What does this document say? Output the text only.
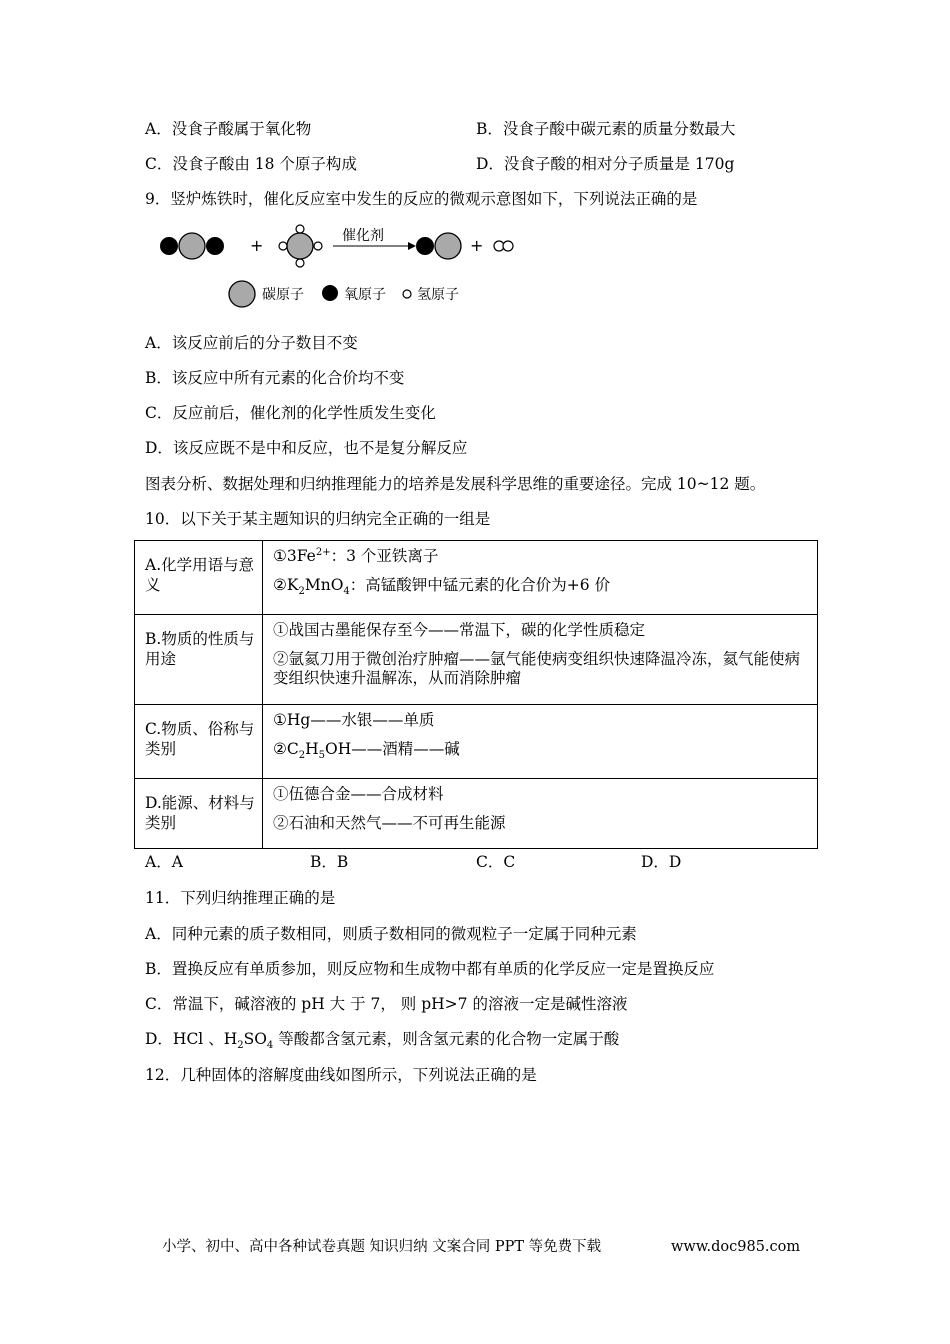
A．没食子酸属于氧化物	B．没食子酸中碳元素的质量分数最大
C．没食子酸由 18 个原子构成	D．没食子酸的相对分子质量是 170g
9．竖炉炼铁时，催化反应室中发生的反应的微观示意图如下，下列说法正确的是
+	催化剂	+
碳原子	氧原子 氢原子
A．该反应前后的分子数目不变
B．该反应中所有元素的化合价均不变
C．反应前后，催化剂的化学性质发生变化
D．该反应既不是中和反应，也不是复分解反应
图表分析、数据处理和归纳推理能力的培养是发展科学思维的重要途径。完成 10~12 题。
10．以下关于某主题知识的归纳完全正确的一组是
A.化学用语与意义	$①3Fe^{2+}$：3 个亚铁离子
$②K_2MnO_4$：高锰酸钾中锰元素的化合价为+6 价

B.物质的性质与用途	①战国古墨能保存至今——常温下，碳的化学性质稳定
②氩氦刀用于微创治疗肿瘤——氩气能使病变组织快速降温冷冻，氦气能使病变组织快速升温解冻，从而消除肿瘤

C.物质、俗称与类别	①Hg——水银——单质
$②C_2H_5OH——$酒精——碱

D.能源、材料与类别	①伍德合金——合成材料
②石油和天然气——不可再生能源
A．A	B．B	C．C	D．D
11．下列归纳推理正确的是
A．同种元素的质子数相同，则质子数相同的微观粒子一定属于同种元素
B．置换反应有单质参加，则反应物和生成物中都有单质的化学反应一定是置换反应
C．常温下，碱溶液的 pH 大 于 7， 则 pH>7 的溶液一定是碱性溶液
D．HCl 、$H_2SO_4$ 等酸都含氢元素，则含氢元素的化合物一定属于酸
12．几种固体的溶解度曲线如图所示，下列说法正确的是
小学、初中、高中各种试卷真题 知识归纳 文案合同 PPT 等免费下载	www.doc985.com
